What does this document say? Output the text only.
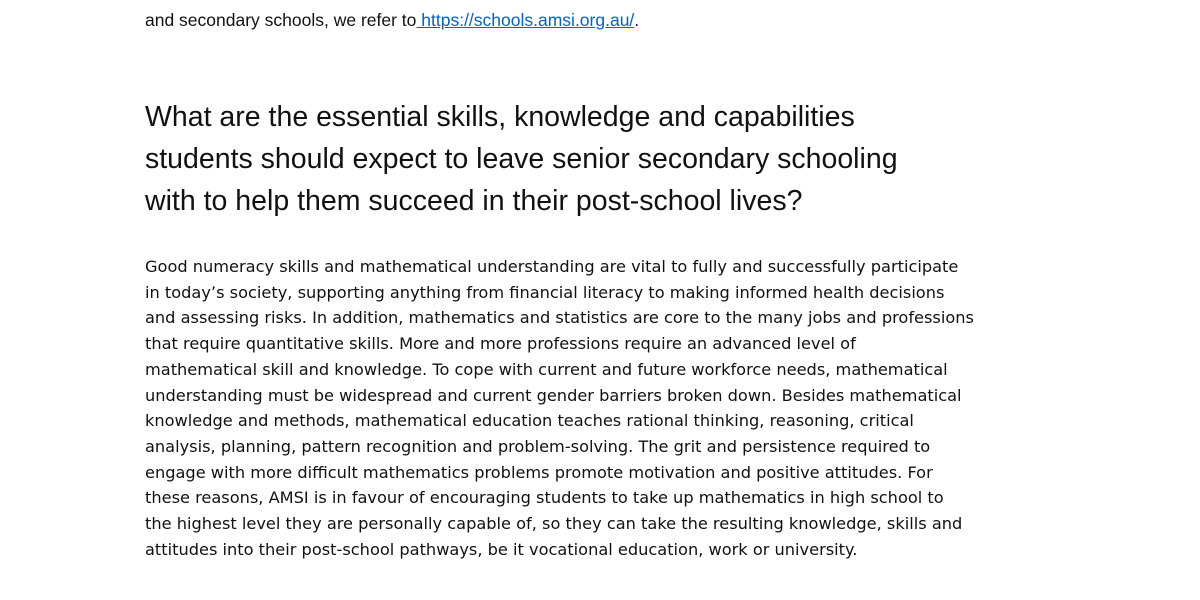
and secondary schools, we refer to https://schools.amsi.org.au/.

What are the essential skills, knowledge and capabilities
students should expect to leave senior secondary schooling
with to help them succeed in their post-school lives?

Good numeracy skills and mathematical understanding are vital to fully and successfully participate
in today’s society, supporting anything from financial literacy to making informed health decisions
and assessing risks. In addition, mathematics and statistics are core to the many jobs and professions
that require quantitative skills. More and more professions require an advanced level of
mathematical skill and knowledge. To cope with current and future workforce needs, mathematical
understanding must be widespread and current gender barriers broken down. Besides mathematical
knowledge and methods, mathematical education teaches rational thinking, reasoning, critical
analysis, planning, pattern recognition and problem-solving. The grit and persistence required to
engage with more difficult mathematics problems promote motivation and positive attitudes. For
these reasons, AMSI is in favour of encouraging students to take up mathematics in high school to
the highest level they are personally capable of, so they can take the resulting knowledge, skills and
attitudes into their post-school pathways, be it vocational education, work or university.
